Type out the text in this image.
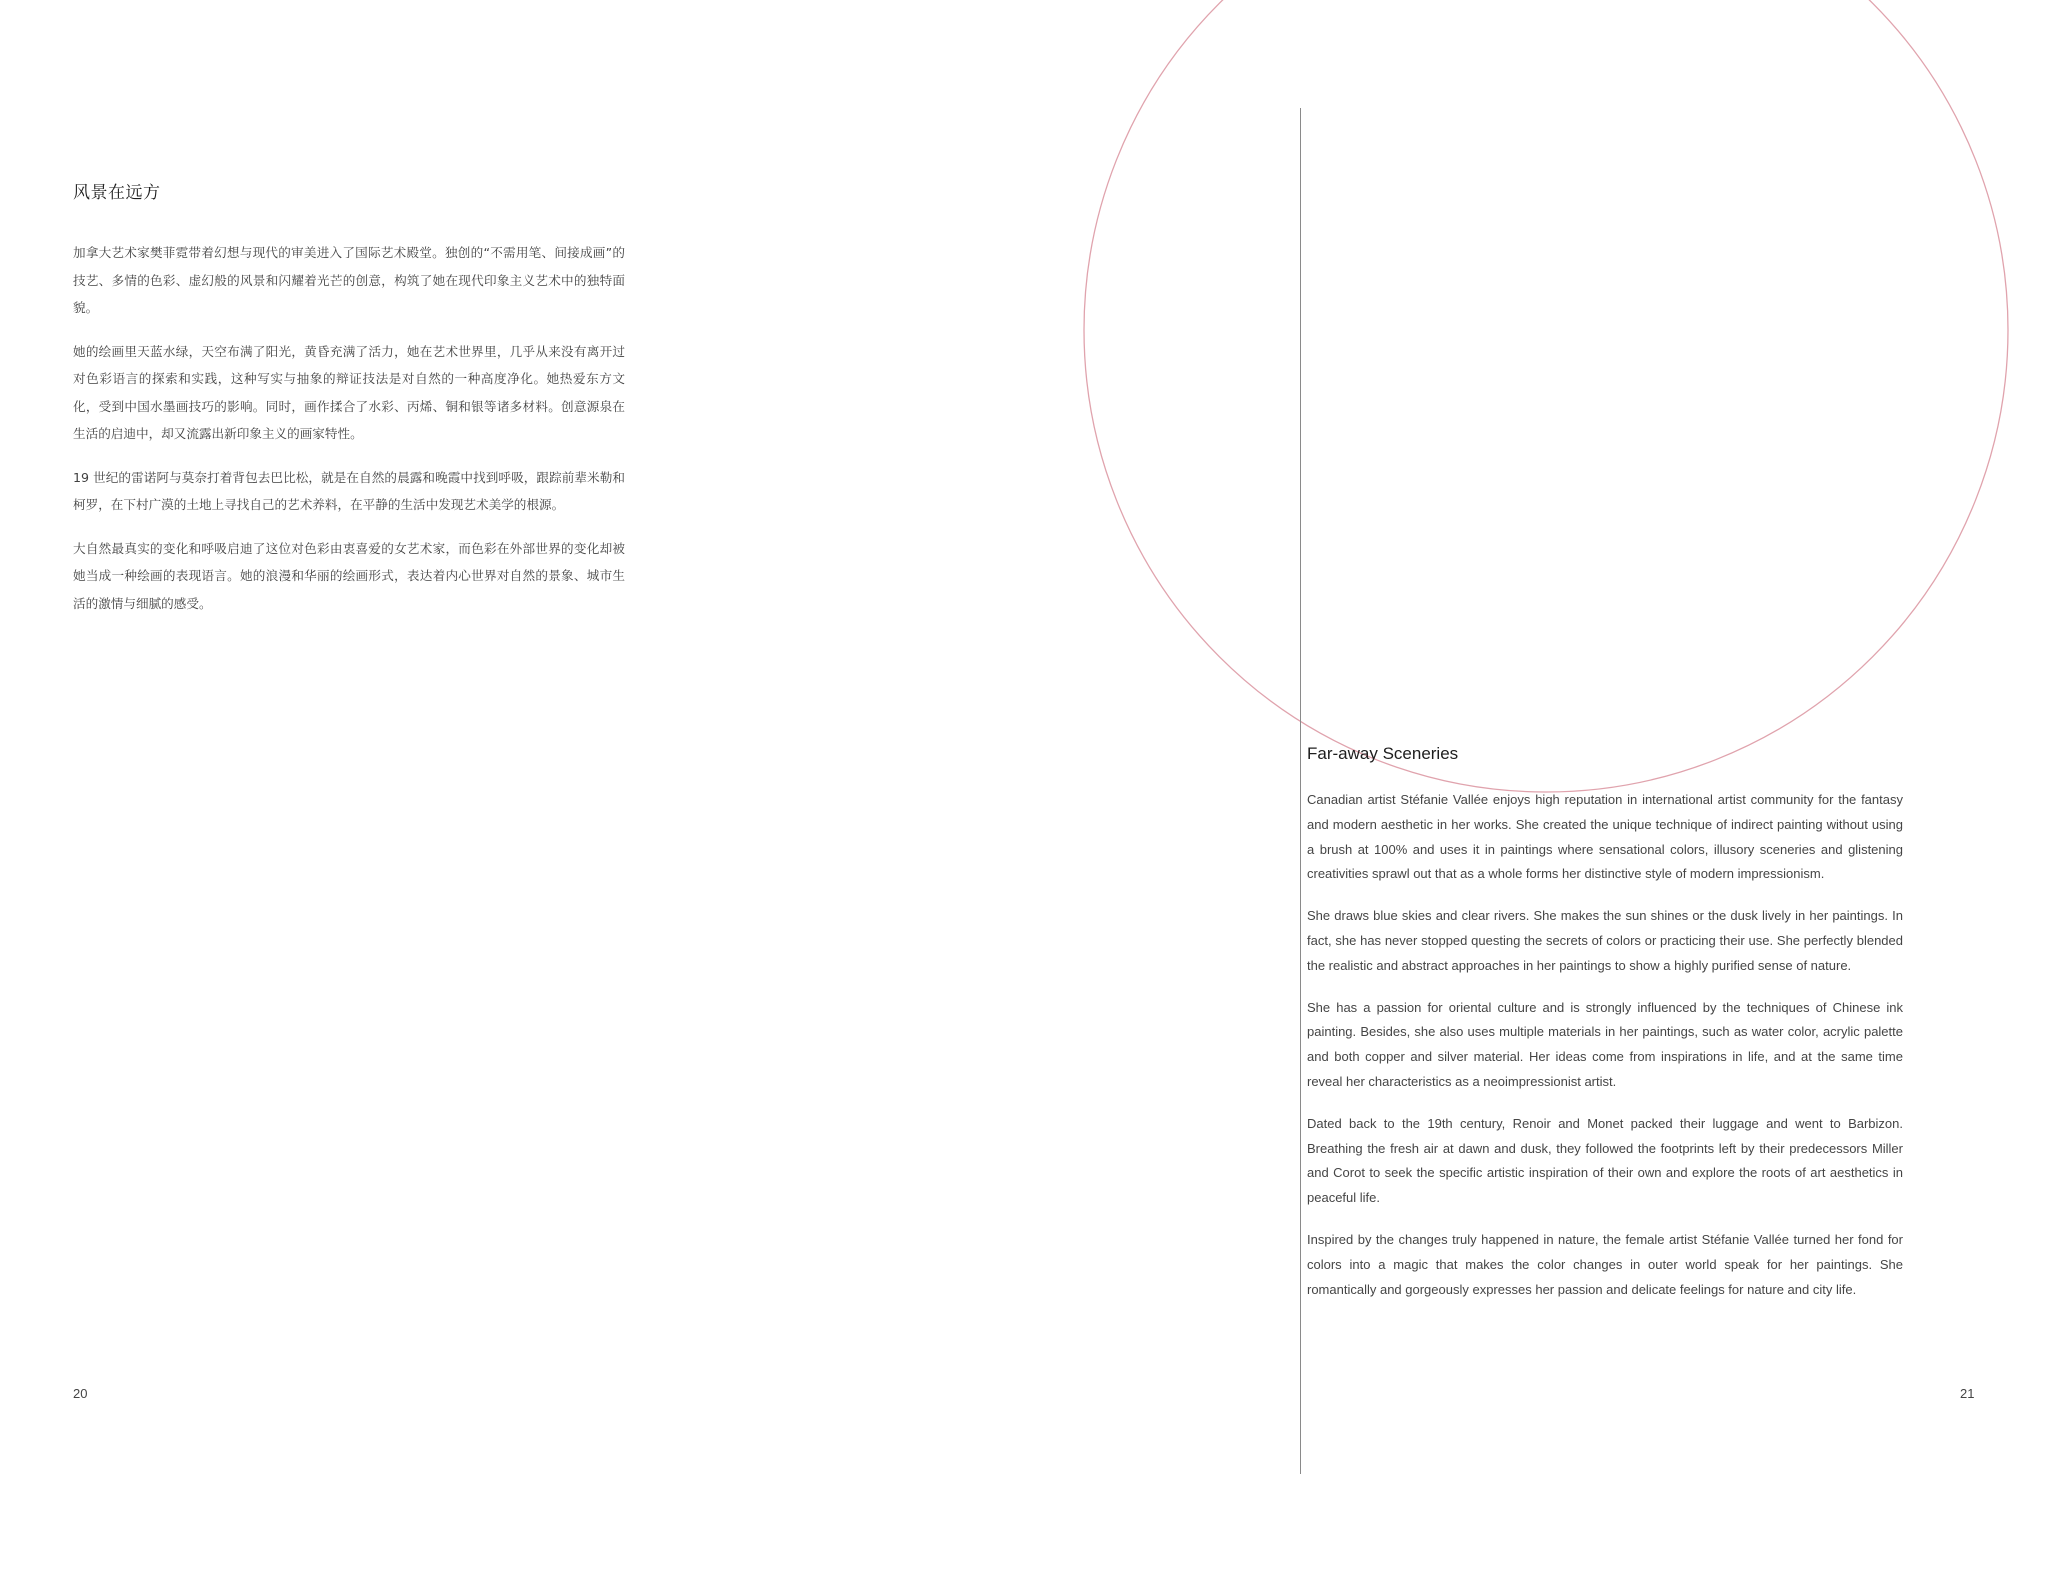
风景在远方

加拿大艺术家樊菲霓带着幻想与现代的审美进入了国际艺术殿堂。独创的“不需用笔、间接成画”的技艺、多情的色彩、虚幻般的风景和闪耀着光芒的创意，构筑了她在现代印象主义艺术中的独特面貌。

她的绘画里天蓝水绿，天空布满了阳光，黄昏充满了活力，她在艺术世界里，几乎从来没有离开过对色彩语言的探索和实践，这种写实与抽象的辩证技法是对自然的一种高度净化。她热爱东方文化，受到中国水墨画技巧的影响。同时，画作揉合了水彩、丙烯、铜和银等诸多材料。创意源泉在生活的启迪中，却又流露出新印象主义的画家特性。

19 世纪的雷诺阿与莫奈打着背包去巴比松，就是在自然的晨露和晚霞中找到呼吸，跟踪前辈米勒和柯罗，在下村广漠的土地上寻找自己的艺术养料，在平静的生活中发现艺术美学的根源。

大自然最真实的变化和呼吸启迪了这位对色彩由衷喜爱的女艺术家，而色彩在外部世界的变化却被她当成一种绘画的表现语言。她的浪漫和华丽的绘画形式，表达着内心世界对自然的景象、城市生活的激情与细腻的感受。

Far-away Sceneries

Canadian artist Stéfanie Vallée enjoys high reputation in international artist community for the fantasy and modern aesthetic in her works. She created the unique technique of indirect painting without using a brush at 100% and uses it in paintings where sensational colors, illusory sceneries and glistening creativities sprawl out that as a whole forms her distinctive style of modern impressionism.

She draws blue skies and clear rivers. She makes the sun shines or the dusk lively in her paintings. In fact, she has never stopped questing the secrets of colors or practicing their use. She perfectly blended the realistic and abstract approaches in her paintings to show a highly purified sense of nature.

She has a passion for oriental culture and is strongly influenced by the techniques of Chinese ink painting. Besides, she also uses multiple materials in her paintings, such as water color, acrylic palette and both copper and silver material. Her ideas come from inspirations in life, and at the same time reveal her characteristics as a neoimpressionist artist.

Dated back to the 19th century, Renoir and Monet packed their luggage and went to Barbizon. Breathing the fresh air at dawn and dusk, they followed the footprints left by their predecessors Miller and Corot to seek the specific artistic inspiration of their own and explore the roots of art aesthetics in peaceful life.

Inspired by the changes truly happened in nature, the female artist Stéfanie Vallée turned her fond for colors into a magic that makes the color changes in outer world speak for her paintings. She romantically and gorgeously expresses her passion and delicate feelings for nature and city life.

20	21
